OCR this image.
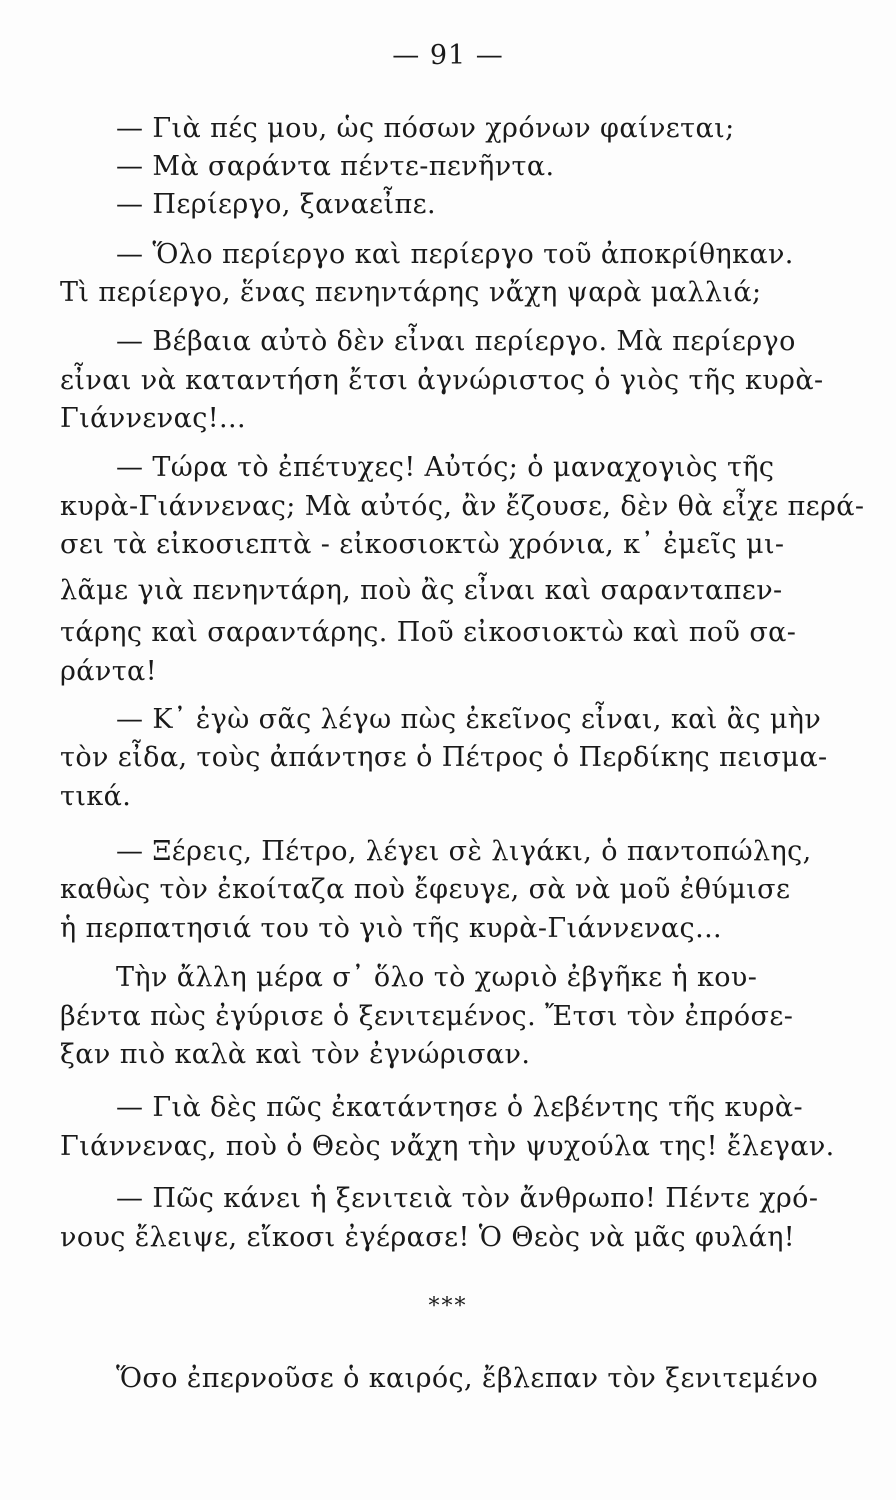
— 91 —
— Γιὰ πές μου, ὡς πόσων χρόνων φαίνεται;
— Μὰ σαράντα πέντε-πενῆντα.
— Περίεργο, ξαναεἶπε.
— Ὅλο περίεργο καὶ περίεργο τοῦ ἀποκρίθηκαν.
Τὶ περίεργο, ἕνας πενηντάρης νἄχη ψαρὰ μαλλιά;
— Βέβαια αὐτὸ δὲν εἶναι περίεργο. Μὰ περίεργο
εἶναι νὰ καταντήση ἔτσι ἀγνώριστος ὁ γιὸς τῆς κυρὰ-
Γιάννενας!...
— Τώρα τὸ ἐπέτυχες! Αὐτός; ὁ μαναχογιὸς τῆς
κυρὰ-Γιάννενας; Μὰ αὐτός, ἂν ἔζουσε, δὲν θὰ εἶχε περά-
σει τὰ εἰκοσιεπτὰ - εἰκοσιοκτὼ χρόνια, κ᾿ ἐμεῖς μι-
λᾶμε γιὰ πενηντάρη, ποὺ ἂς εἶναι καὶ σαρανταπεν-
τάρης καὶ σαραντάρης. Ποῦ εἰκοσιοκτὼ καὶ ποῦ σα-
ράντα!
— Κ᾿ ἐγὼ σᾶς λέγω πὼς ἐκεῖνος εἶναι, καὶ ἂς μὴν
τὸν εἶδα, τοὺς ἀπάντησε ὁ Πέτρος ὁ Περδίκης πεισμα-
τικά.
— Ξέρεις, Πέτρο, λέγει σὲ λιγάκι, ὁ παντοπώλης,
καθὼς τὸν ἐκοίταζα ποὺ ἔφευγε, σὰ νὰ μοῦ ἐθύμισε
ἡ περπατησιά του τὸ γιὸ τῆς κυρὰ-Γιάννενας...
Τὴν ἄλλη μέρα σ᾿ ὅλο τὸ χωριὸ ἐβγῆκε ἡ κου-
βέντα πὼς ἐγύρισε ὁ ξενιτεμένος. Ἔτσι τὸν ἐπρόσε-
ξαν πιὸ καλὰ καὶ τὸν ἐγνώρισαν.
— Γιὰ δὲς πῶς ἐκατάντησε ὁ λεβέντης τῆς κυρὰ-
Γιάννενας, ποὺ ὁ Θεὸς νἄχη τὴν ψυχούλα της! ἔλεγαν.
— Πῶς κάνει ἡ ξενιτειὰ τὸν ἄνθρωπο! Πέντε χρό-
νους ἔλειψε, εἴκοσι ἐγέρασε! Ὁ Θεὸς νὰ μᾶς φυλάη!
***
Ὅσο ἐπερνοῦσε ὁ καιρός, ἔβλεπαν τὸν ξενιτεμένο
